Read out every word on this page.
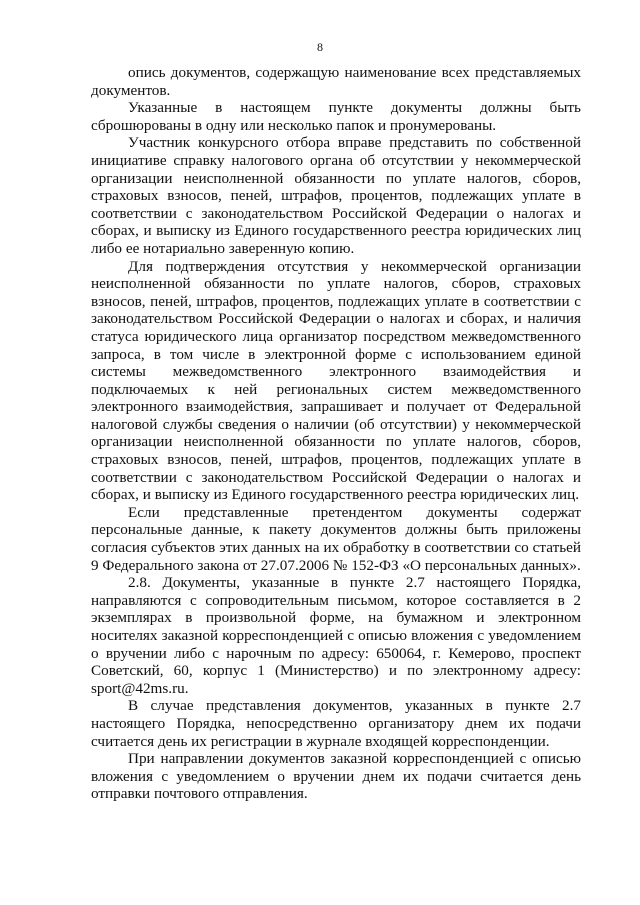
8

опись документов, содержащую наименование всех представляемых документов.

Указанные в настоящем пункте документы должны быть сброшюрованы в одну или несколько папок и пронумерованы.

Участник конкурсного отбора вправе представить по собственной инициативе справку налогового органа об отсутствии у некоммерческой организации неисполненной обязанности по уплате налогов, сборов, страховых взносов, пеней, штрафов, процентов, подлежащих уплате в соответствии с законодательством Российской Федерации о налогах и сборах, и выписку из Единого государственного реестра юридических лиц либо ее нотариально заверенную копию.

Для подтверждения отсутствия у некоммерческой организации неисполненной обязанности по уплате налогов, сборов, страховых взносов, пеней, штрафов, процентов, подлежащих уплате в соответствии с законодательством Российской Федерации о налогах и сборах, и наличия статуса юридического лица организатор посредством межведомственного запроса, в том числе в электронной форме с использованием единой системы межведомственного электронного взаимодействия и подключаемых к ней региональных систем межведомственного электронного взаимодействия, запрашивает и получает от Федеральной налоговой службы сведения о наличии (об отсутствии) у некоммерческой организации неисполненной обязанности по уплате налогов, сборов, страховых взносов, пеней, штрафов, процентов, подлежащих уплате в соответствии с законодательством Российской Федерации о налогах и сборах, и выписку из Единого государственного реестра юридических лиц.

Если представленные претендентом документы содержат персональные данные, к пакету документов должны быть приложены согласия субъектов этих данных на их обработку в соответствии со статьей 9 Федерального закона от 27.07.2006 № 152-ФЗ «О персональных данных».

2.8. Документы, указанные в пункте 2.7 настоящего Порядка, направляются с сопроводительным письмом, которое составляется в 2 экземплярах в произвольной форме, на бумажном и электронном носителях заказной корреспонденцией с описью вложения с уведомлением о вручении либо с нарочным по адресу: 650064, г. Кемерово, проспект Советский, 60, корпус 1 (Министерство) и по электронному адресу: sport@42ms.ru.

В случае представления документов, указанных в пункте 2.7 настоящего Порядка, непосредственно организатору днем их подачи считается день их регистрации в журнале входящей корреспонденции.

При направлении документов заказной корреспонденцией с описью вложения с уведомлением о вручении днем их подачи считается день отправки почтового отправления.
